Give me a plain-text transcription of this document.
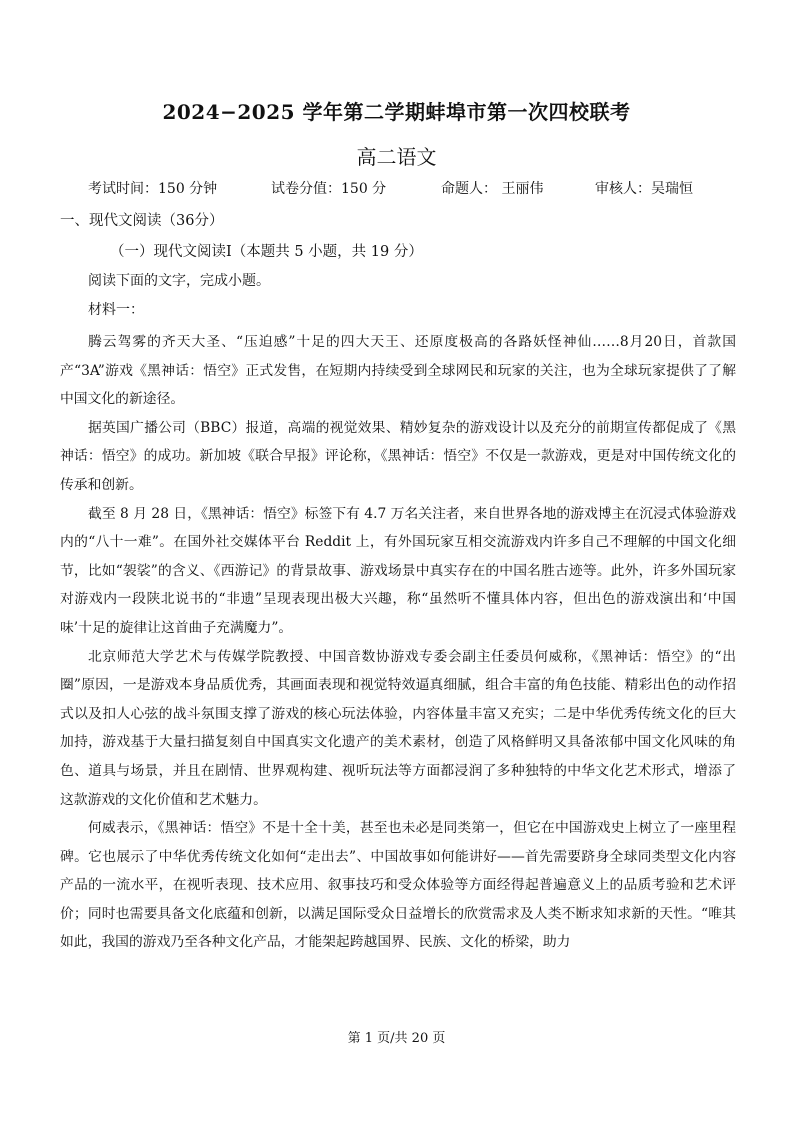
2024−2025 学年第二学期蚌埠市第一次四校联考
高二语文
考试时间：150 分钟	试卷分值：150 分	命题人： 王丽伟	审核人：吴瑞恒
一、现代文阅读（36分）
（一）现代文阅读Ⅰ（本题共 5 小题，共 19 分）
阅读下面的文字，完成小题。
材料一：

腾云驾雾的齐天大圣、“压迫感”十足的四大天王、还原度极高的各路妖怪神仙……8月20日，首款国产“3A”游戏《黑神话：悟空》正式发售，在短期内持续受到全球网民和玩家的关注，也为全球玩家提供了了解中国文化的新途径。

据英国广播公司（BBC）报道，高端的视觉效果、精妙复杂的游戏设计以及充分的前期宣传都促成了《黑神话：悟空》的成功。新加坡《联合早报》评论称，《黑神话：悟空》不仅是一款游戏，更是对中国传统文化的传承和创新。

截至 8 月 28 日，《黑神话：悟空》标签下有 4.7 万名关注者，来自世界各地的游戏博主在沉浸式体验游戏内的“八十一难”。在国外社交媒体平台 Reddit 上，有外国玩家互相交流游戏内许多自己不理解的中国文化细节，比如“袈裟”的含义、《西游记》的背景故事、游戏场景中真实存在的中国名胜古迹等。此外，许多外国玩家对游戏内一段陕北说书的“非遗”呈现表现出极大兴趣，称“虽然听不懂具体内容，但出色的游戏演出和‘中国味’十足的旋律让这首曲子充满魔力”。

北京师范大学艺术与传媒学院教授、中国音数协游戏专委会副主任委员何威称，《黑神话：悟空》的“出圈”原因，一是游戏本身品质优秀，其画面表现和视觉特效逼真细腻，组合丰富的角色技能、精彩出色的动作招式以及扣人心弦的战斗氛围支撑了游戏的核心玩法体验，内容体量丰富又充实；二是中华优秀传统文化的巨大加持，游戏基于大量扫描复刻自中国真实文化遗产的美术素材，创造了风格鲜明又具备浓郁中国文化风味的角色、道具与场景，并且在剧情、世界观构建、视听玩法等方面都浸润了多种独特的中华文化艺术形式，增添了这款游戏的文化价值和艺术魅力。

何威表示，《黑神话：悟空》不是十全十美，甚至也未必是同类第一，但它在中国游戏史上树立了一座里程碑。它也展示了中华优秀传统文化如何“走出去”、中国故事如何能讲好——首先需要跻身全球同类型文化内容产品的一流水平，在视听表现、技术应用、叙事技巧和受众体验等方面经得起普遍意义上的品质考验和艺术评价；同时也需要具备文化底蕴和创新，以满足国际受众日益增长的欣赏需求及人类不断求知求新的天性。“唯其如此，我国的游戏乃至各种文化产品，才能架起跨越国界、民族、文化的桥梁，助力

第 1 页/共 20 页
